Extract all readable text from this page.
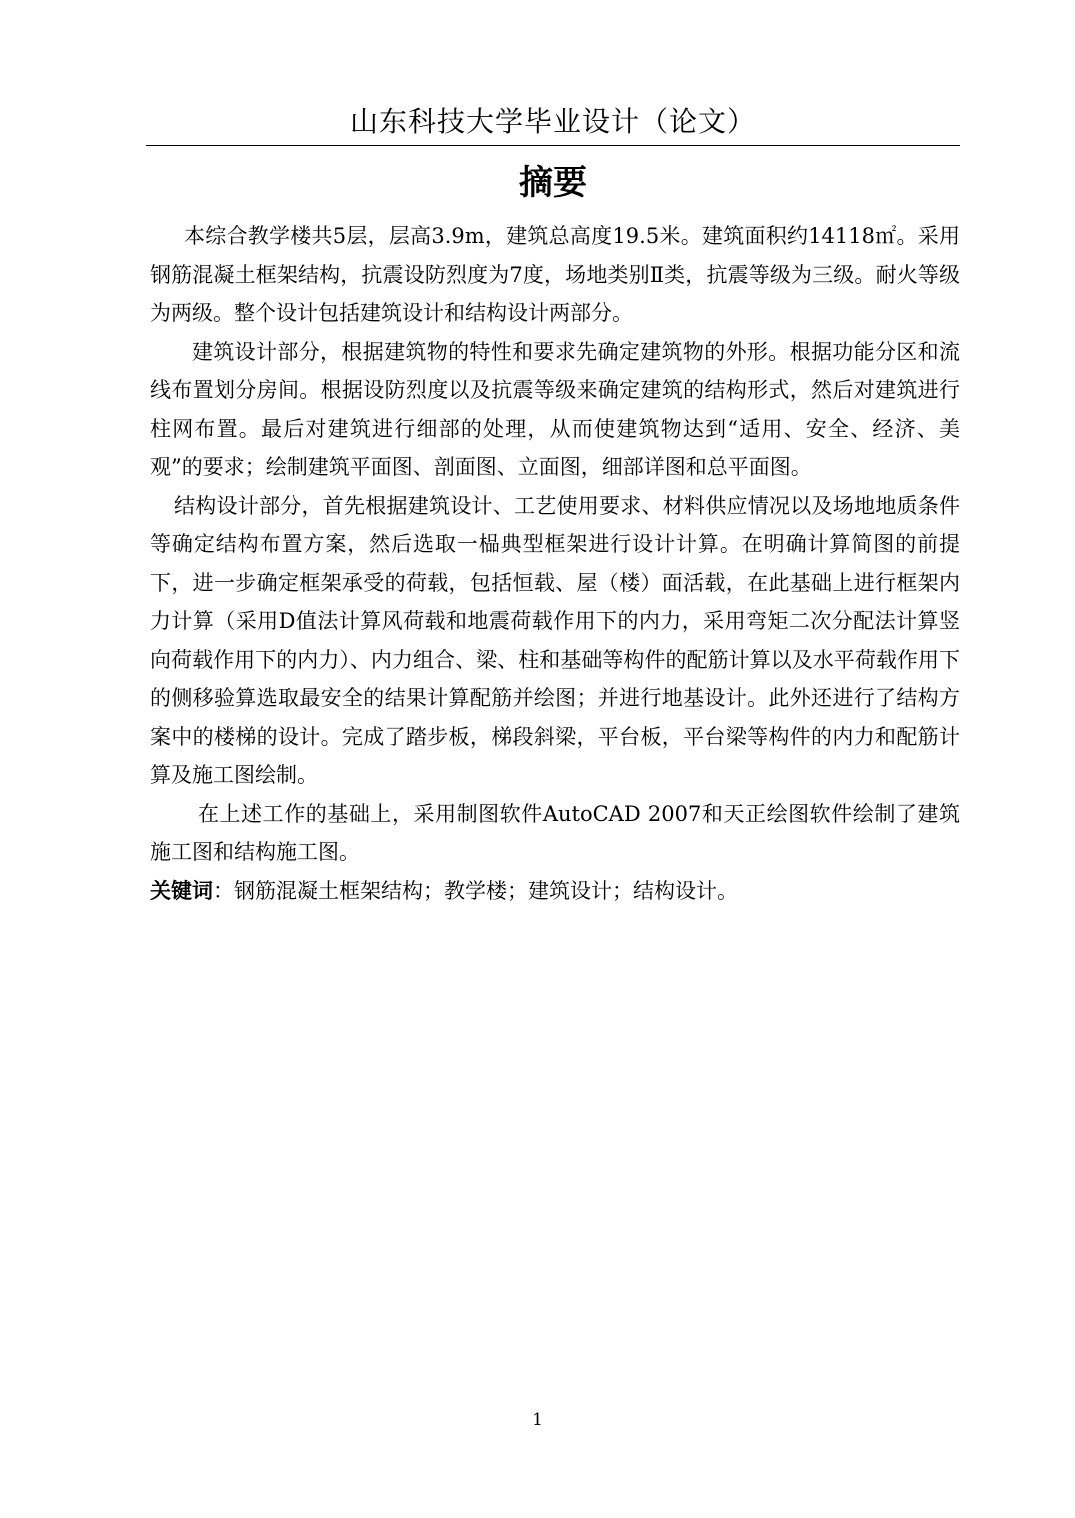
山东科技大学毕业设计（论文）
摘要

本综合教学楼共5层，层高3.9m，建筑总高度19.5米。建筑面积约14118㎡。采用钢筋混凝土框架结构，抗震设防烈度为7度，场地类别Ⅱ类，抗震等级为三级。耐火等级为两级。整个设计包括建筑设计和结构设计两部分。

建筑设计部分，根据建筑物的特性和要求先确定建筑物的外形。根据功能分区和流线布置划分房间。根据设防烈度以及抗震等级来确定建筑的结构形式，然后对建筑进行柱网布置。最后对建筑进行细部的处理，从而使建筑物达到“适用、安全、经济、美观”的要求；绘制建筑平面图、剖面图、立面图，细部详图和总平面图。

结构设计部分，首先根据建筑设计、工艺使用要求、材料供应情况以及场地地质条件等确定结构布置方案，然后选取一榀典型框架进行设计计算。在明确计算简图的前提下，进一步确定框架承受的荷载，包括恒载、屋（楼）面活载，在此基础上进行框架内力计算（采用D值法计算风荷载和地震荷载作用下的内力，采用弯矩二次分配法计算竖向荷载作用下的内力）、内力组合、梁、柱和基础等构件的配筋计算以及水平荷载作用下的侧移验算选取最安全的结果计算配筋并绘图；并进行地基设计。此外还进行了结构方案中的楼梯的设计。完成了踏步板，梯段斜梁，平台板，平台梁等构件的内力和配筋计算及施工图绘制。

在上述工作的基础上，采用制图软件AutoCAD 2007和天正绘图软件绘制了建筑施工图和结构施工图。

关键词：钢筋混凝土框架结构；教学楼；建筑设计；结构设计。

1
